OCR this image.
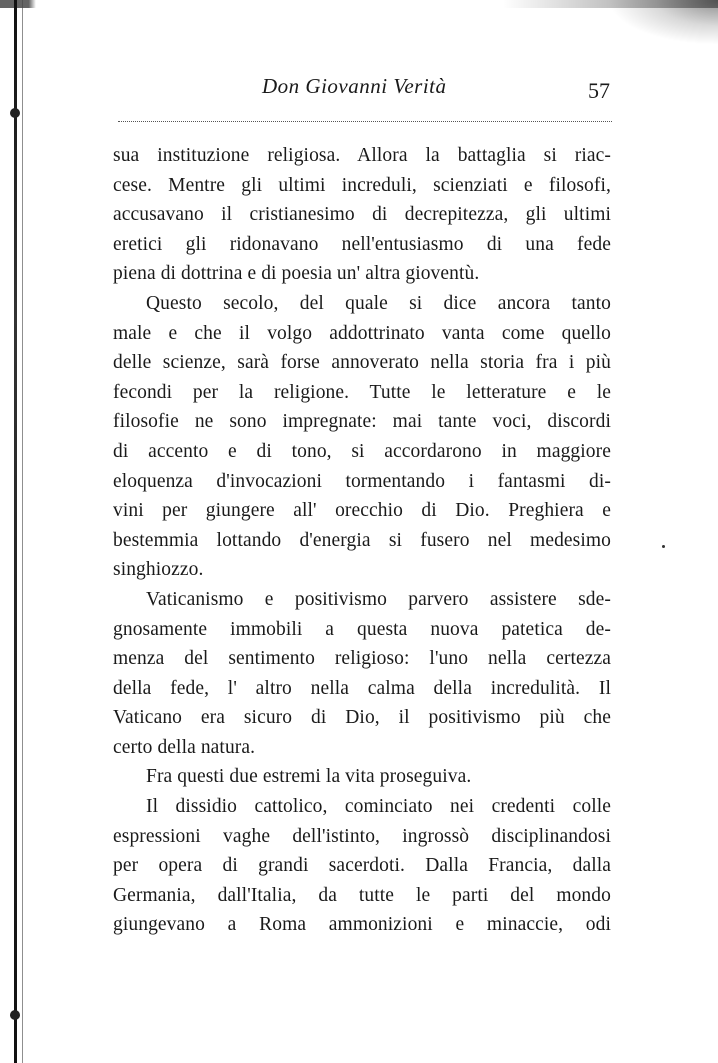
Don Giovanni Verità	57
sua instituzione religiosa. Allora la battaglia si riac-
cese. Mentre gli ultimi increduli, scienziati e filosofi,
accusavano il cristianesimo di decrepitezza, gli ultimi
eretici gli ridonavano nell'entusiasmo di una fede
piena di dottrina e di poesia un' altra gioventù.
Questo secolo, del quale si dice ancora tanto
male e che il volgo addottrinato vanta come quello
delle scienze, sarà forse annoverato nella storia fra i più
fecondi per la religione. Tutte le letterature e le
filosofie ne sono impregnate: mai tante voci, discordi
di accento e di tono, si accordarono in maggiore
eloquenza d'invocazioni tormentando i fantasmi di-
vini per giungere all' orecchio di Dio. Preghiera e
bestemmia lottando d'energia si fusero nel medesimo
singhiozzo.
Vaticanismo e positivismo parvero assistere sde-
gnosamente immobili a questa nuova patetica de-
menza del sentimento religioso: l'uno nella certezza
della fede, l' altro nella calma della incredulità. Il
Vaticano era sicuro di Dio, il positivismo più che
certo della natura.
Fra questi due estremi la vita proseguiva.
Il dissidio cattolico, cominciato nei credenti colle
espressioni vaghe dell'istinto, ingrossò disciplinandosi
per opera di grandi sacerdoti. Dalla Francia, dalla
Germania, dall'Italia, da tutte le parti del mondo
giungevano a Roma ammonizioni e minaccie, odi
